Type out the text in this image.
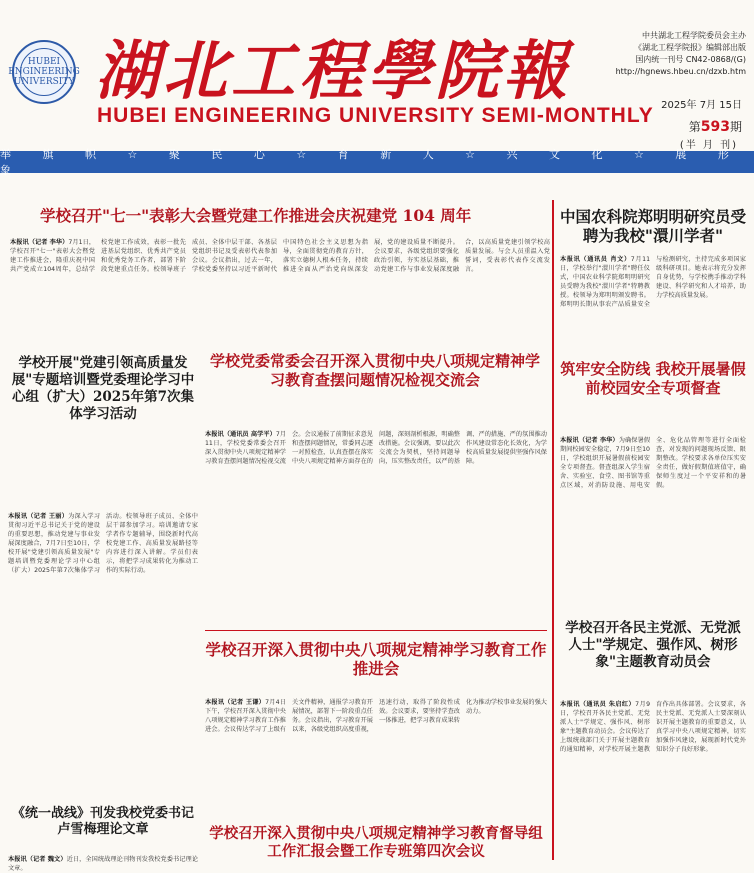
HUBEI ENGINEERING UNIVERSITY 湖北工程學院報
HUBEI ENGINEERING UNIVERSITY SEMI-MONTHLY
中共湖北工程学院委员会主办
《湖北工程学院报》编辑部出版
国内统一刊号 CN42-0868/(G)
http://hgnews.hbeu.cn/dzxb.htm
2025年 7月 15日
第593期
(半 月 刊)
举 旗 帜 ☆ 聚 民 心 ☆ 育 新 人 ☆ 兴 文 化 ☆ 展 形 象
学校召开"七一"表彰大会暨党建工作推进会庆祝建党 104 周年
本报讯（记者 李华）7月1日，学校召开"七一"表彰大会暨党建工作推进会，隆重庆祝中国共产党成立104周年，总结学校党建工作成效，表彰一批先进基层党组织、优秀共产党员和优秀党务工作者，部署下阶段党建重点任务。校领导班子成员、全体中层干部、各基层党组织书记及受表彰代表参加会议。会议指出，过去一年，学校党委坚持以习近平新时代中国特色社会主义思想为指导，全面贯彻党的教育方针，落实立德树人根本任务，持续推进全面从严治党向纵深发展，党的建设质量不断提升。会议要求，各级党组织要强化政治引领，夯实基层基础，推动党建工作与事业发展深度融合，以高质量党建引领学校高质量发展。与会人员重温入党誓词，受表彰代表作交流发言。
中国农科院郑明明研究员受聘为我校"澴川学者"
本报讯（通讯员 肖文）7月11日，学校举行"澴川学者"聘任仪式，中国农业科学院郑明明研究员受聘为我校"澴川学者"特聘教授。校领导为郑明明颁发聘书。郑明明长期从事农产品质量安全与检测研究，主持完成多项国家级科研项目。她表示将充分发挥自身优势，与学校携手推动学科建设、科学研究和人才培养，助力学校高质量发展。
学校开展"党建引领高质量发展"专题培训暨党委理论学习中心组（扩大）2025年第7次集体学习活动
本报讯（记者 王丽）为深入学习贯彻习近平总书记关于党的建设的重要思想，推动党建与事业发展深度融合，7月7日至10日，学校开展"党建引领高质量发展"专题培训暨党委理论学习中心组（扩大）2025年第7次集体学习活动。校领导班子成员、全体中层干部参加学习。培训邀请专家学者作专题辅导，围绕新时代高校党建工作、高质量发展路径等内容进行深入讲解。学员们表示，将把学习成果转化为推动工作的实际行动。
学校党委常委会召开深入贯彻中央八项规定精神学习教育查摆问题情况检视交流会
本报讯（通讯员 高学平）7月11日，学校党委常委会召开深入贯彻中央八项规定精神学习教育查摆问题情况检视交流会。会议通报了前期征求意见和查摆问题情况，常委同志逐一对照检查，认真查摆在落实中央八项规定精神方面存在的问题，深刻剖析根源，明确整改措施。会议强调，要以此次交流会为契机，坚持问题导向，压实整改责任，以严的基调、严的措施、严的氛围推动作风建设常态化长效化，为学校高质量发展提供坚强作风保障。
筑牢安全防线 我校开展暑假前校园安全专项督查
本报讯（记者 李华）为确保暑假期间校园安全稳定，7月9日至10日，学校组织开展暑假前校园安全专项督查。督查组深入学生宿舍、实验室、食堂、图书馆等重点区域，对消防设施、用电安全、危化品管理等进行全面检查，对发现的问题现场反馈、限期整改。学校要求各单位压实安全责任，做好假期值班值守，确保师生度过一个平安祥和的暑假。
学校召开深入贯彻中央八项规定精神学习教育工作推进会
本报讯（记者 王谦）7月4日下午，学校召开深入贯彻中央八项规定精神学习教育工作推进会。会议传达学习了上级有关文件精神，通报学习教育开展情况，部署下一阶段重点任务。会议指出，学习教育开展以来，各级党组织高度重视，迅速行动，取得了阶段性成效。会议要求，要坚持学查改一体推进，把学习教育成果转化为推动学校事业发展的强大动力。
学校召开各民主党派、无党派人士"学规定、强作风、树形象"主题教育动员会
本报讯（通讯员 朱启红）7月9日，学校召开各民主党派、无党派人士"学规定、强作风、树形象"主题教育动员会。会议传达了上级统战部门关于开展主题教育的通知精神，对学校开展主题教育作出具体部署。会议要求，各民主党派、无党派人士要深刻认识开展主题教育的重要意义，认真学习中央八项规定精神，切实加强作风建设，展现新时代党外知识分子良好形象。
《统一战线》刊发我校党委书记卢雪梅理论文章
本报讯（记者 魏文）近日，全国统战理论刊物刊发我校党委书记理论文章。
学校召开深入贯彻中央八项规定精神学习教育督导组工作汇报会暨工作专班第四次会议
